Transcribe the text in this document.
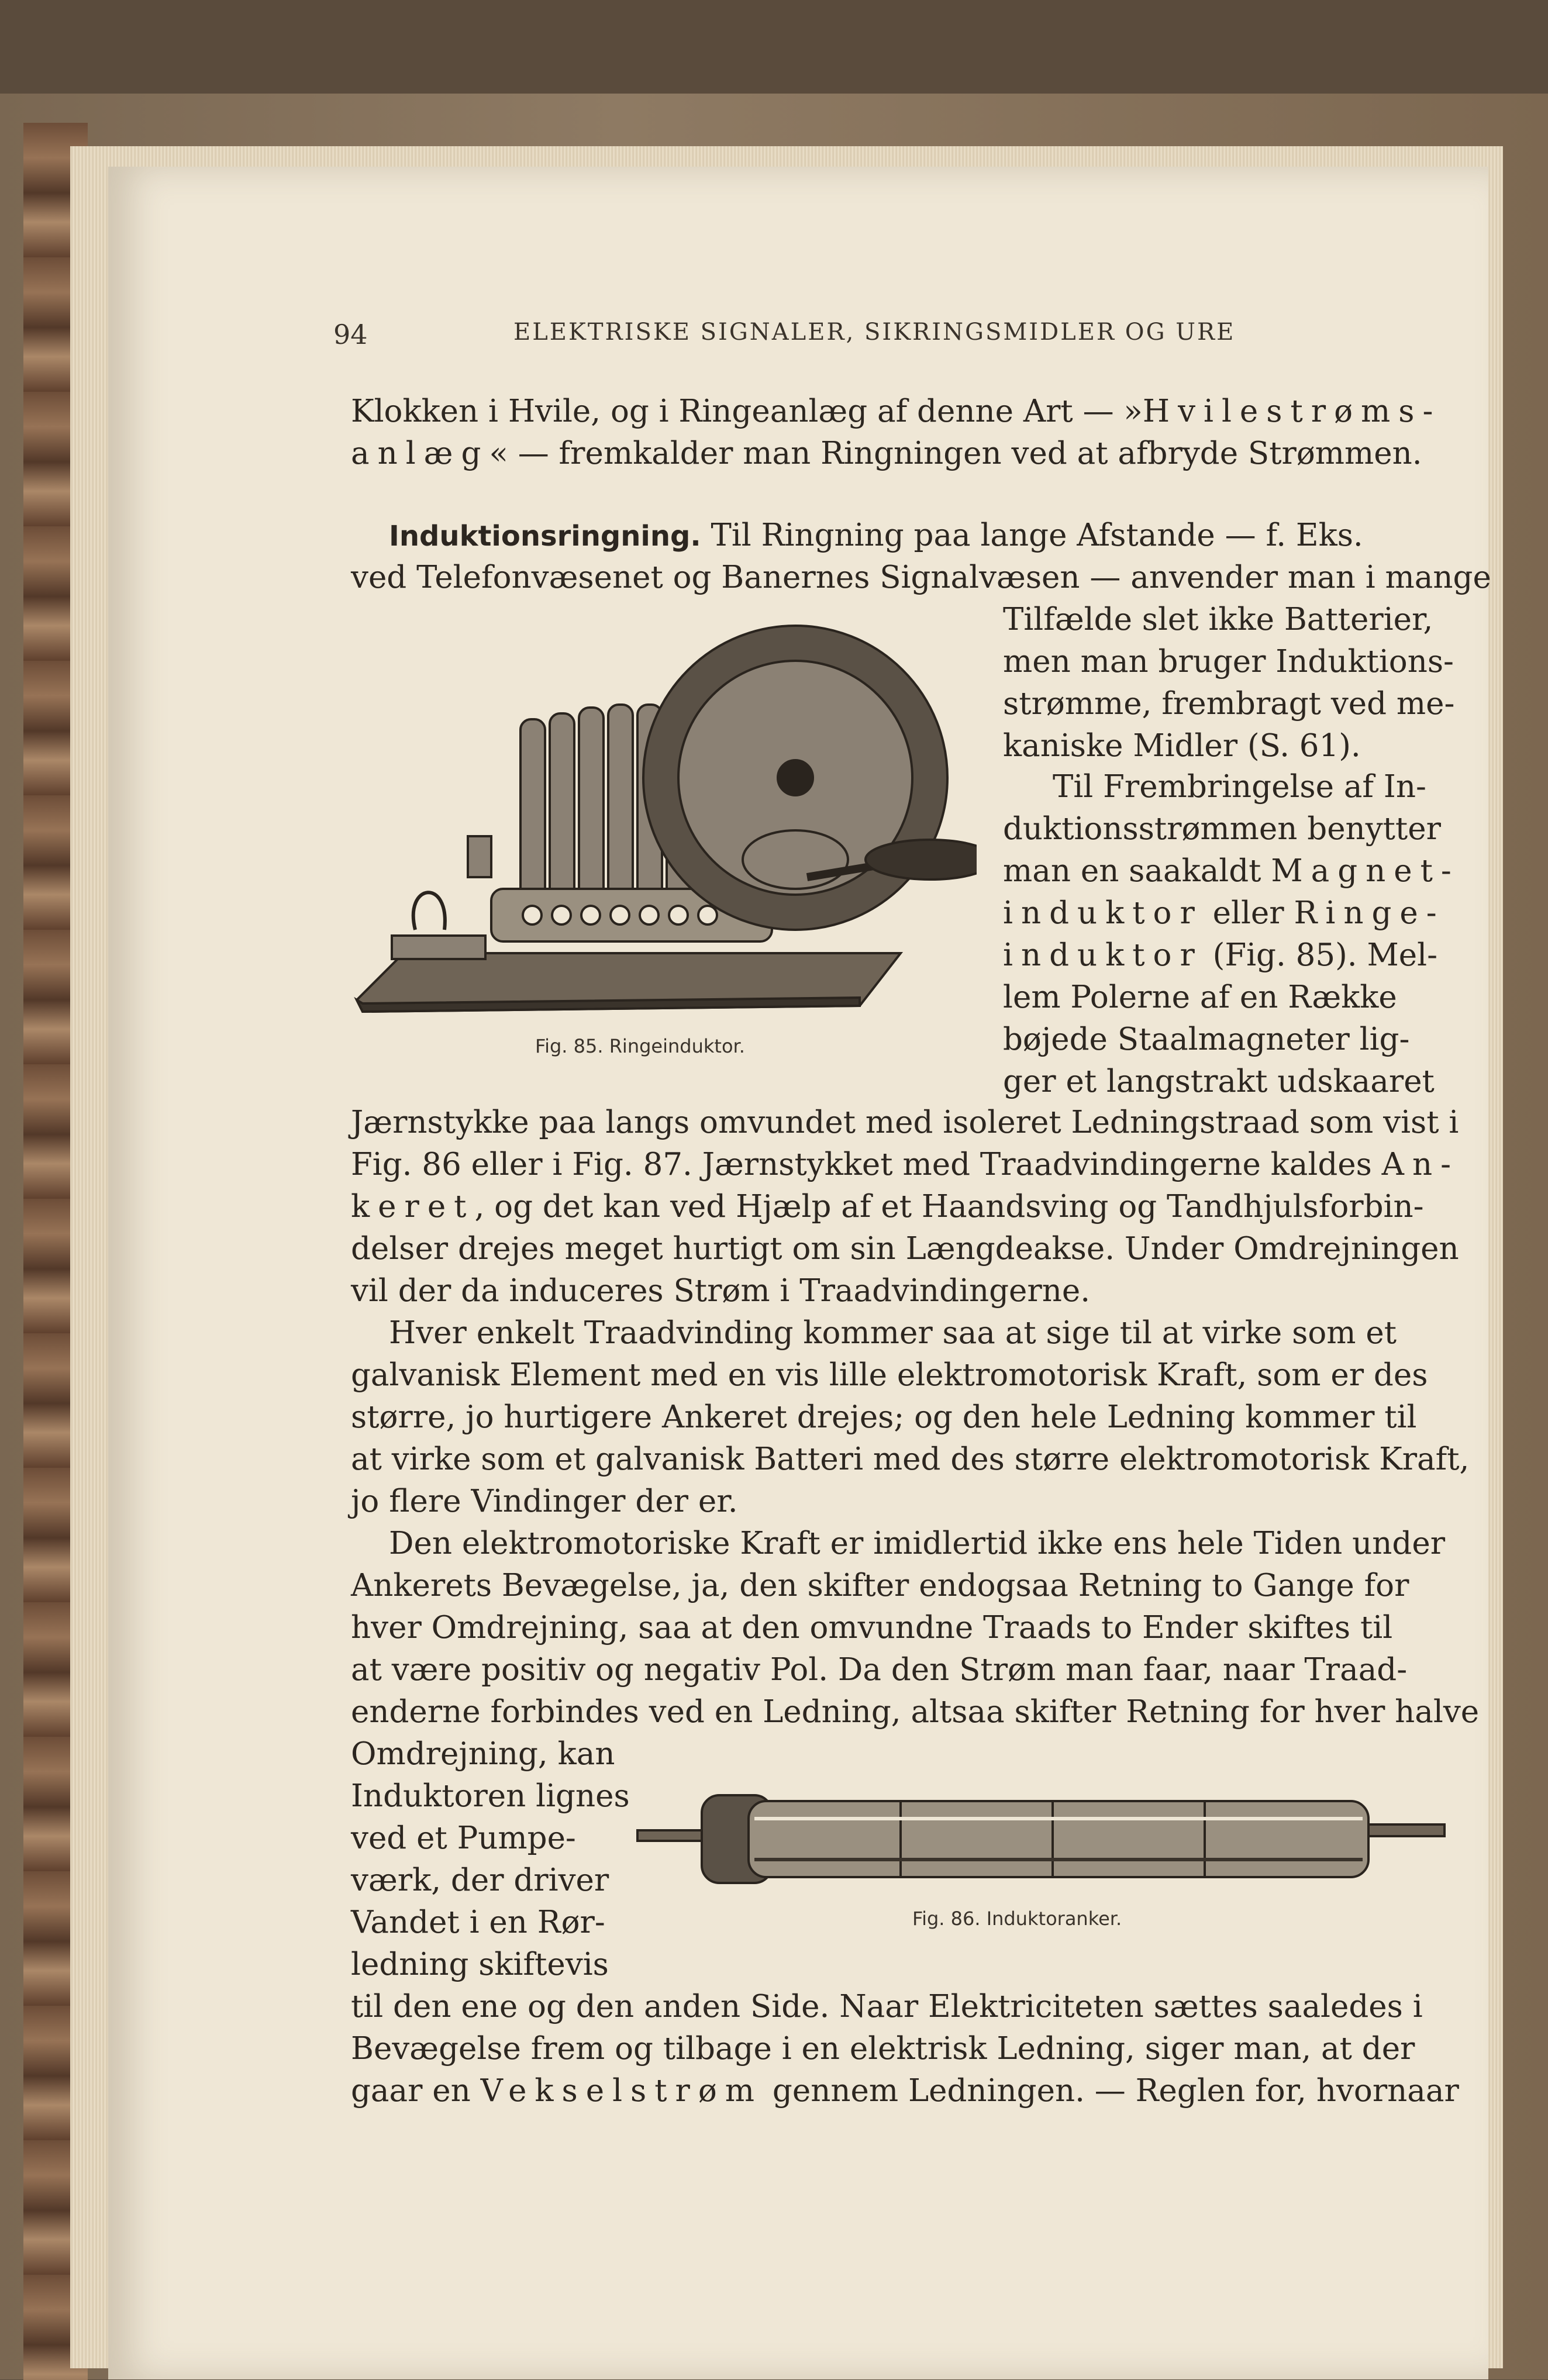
94	ELEKTRISKE SIGNALER, SIKRINGSMIDLER OG URE
Klokken i Hvile, og i Ringeanlæg af denne Art — »Hvilestrøms-
anlæg« — fremkalder man Ringningen ved at afbryde Strømmen.
Induktionsringning. Til Ringning paa lange Afstande — f. Eks.
ved Telefonvæsenet og Banernes Signalvæsen — anvender man i mange
Tilfælde slet ikke Batterier,
men man bruger Induktions-
strømme, frembragt ved me-
kaniske Midler (S. 61).
Til Frembringelse af In-
duktionsstrømmen benytter
man en saakaldt Magnet-
induktor eller Ringe-
induktor (Fig. 85). Mel-
lem Polerne af en Række
bøjede Staalmagneter lig-
ger et langstrakt udskaaret
Fig. 85. Ringeinduktor.
Jærnstykke paa langs omvundet med isoleret Ledningstraad som vist i
Fig. 86 eller i Fig. 87. Jærnstykket med Traadvindingerne kaldes An-
keret, og det kan ved Hjælp af et Haandsving og Tandhjulsforbin-
delser drejes meget hurtigt om sin Længdeakse. Under Omdrejningen
vil der da induceres Strøm i Traadvindingerne.
Hver enkelt Traadvinding kommer saa at sige til at virke som et
galvanisk Element med en vis lille elektromotorisk Kraft, som er des
større, jo hurtigere Ankeret drejes; og den hele Ledning kommer til
at virke som et galvanisk Batteri med des større elektromotorisk Kraft,
jo flere Vindinger der er.
Den elektromotoriske Kraft er imidlertid ikke ens hele Tiden under
Ankerets Bevægelse, ja, den skifter endogsaa Retning to Gange for
hver Omdrejning, saa at den omvundne Traads to Ender skiftes til
at være positiv og negativ Pol. Da den Strøm man faar, naar Traad-
enderne forbindes ved en Ledning, altsaa skifter Retning for hver halve
Omdrejning, kan
Induktoren lignes
ved et Pumpe-
værk, der driver
Vandet i en Rør-
ledning skiftevis
Fig. 86. Induktoranker.
til den ene og den anden Side. Naar Elektriciteten sættes saaledes i
Bevægelse frem og tilbage i en elektrisk Ledning, siger man, at der
gaar en Vekselstrøm gennem Ledningen. — Reglen for, hvornaar
